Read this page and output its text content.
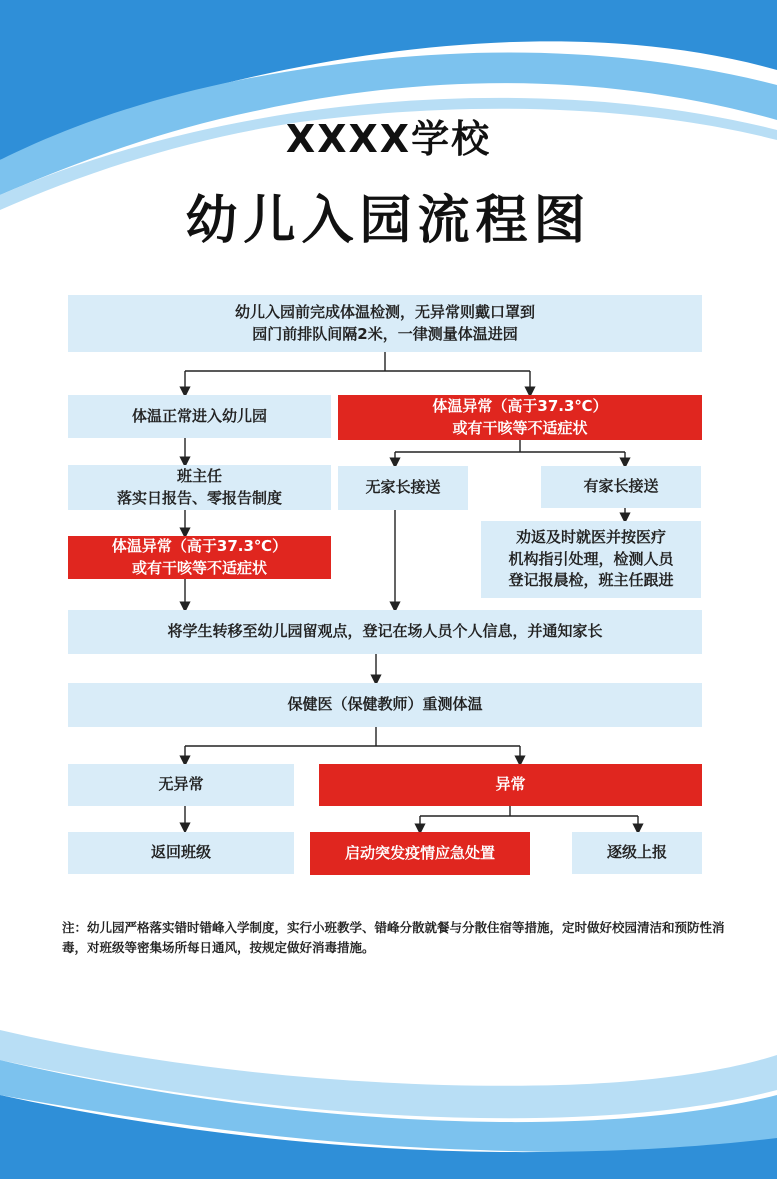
XXXX学校
幼儿入园流程图
幼儿入园前完成体温检测，无异常则戴口罩到
园门前排队间隔2米，一律测量体温进园
体温正常进入幼儿园
体温异常（高于37.3℃）
或有干咳等不适症状
班主任
落实日报告、零报告制度
无家长接送	有家长接送
体温异常（高于37.3℃）
或有干咳等不适症状
劝返及时就医并按医疗
机构指引处理，检测人员
登记报晨检，班主任跟进
将学生转移至幼儿园留观点，登记在场人员个人信息，并通知家长
保健医（保健教师）重测体温
无异常	异常
返回班级	启动突发疫情应急处置	逐级上报
注：幼儿园严格落实错时错峰入学制度，实行小班教学、错峰分散就餐与分散住宿等措施，定时做好校园清洁和预防性消毒，对班级等密集场所每日通风，按规定做好消毒措施。
